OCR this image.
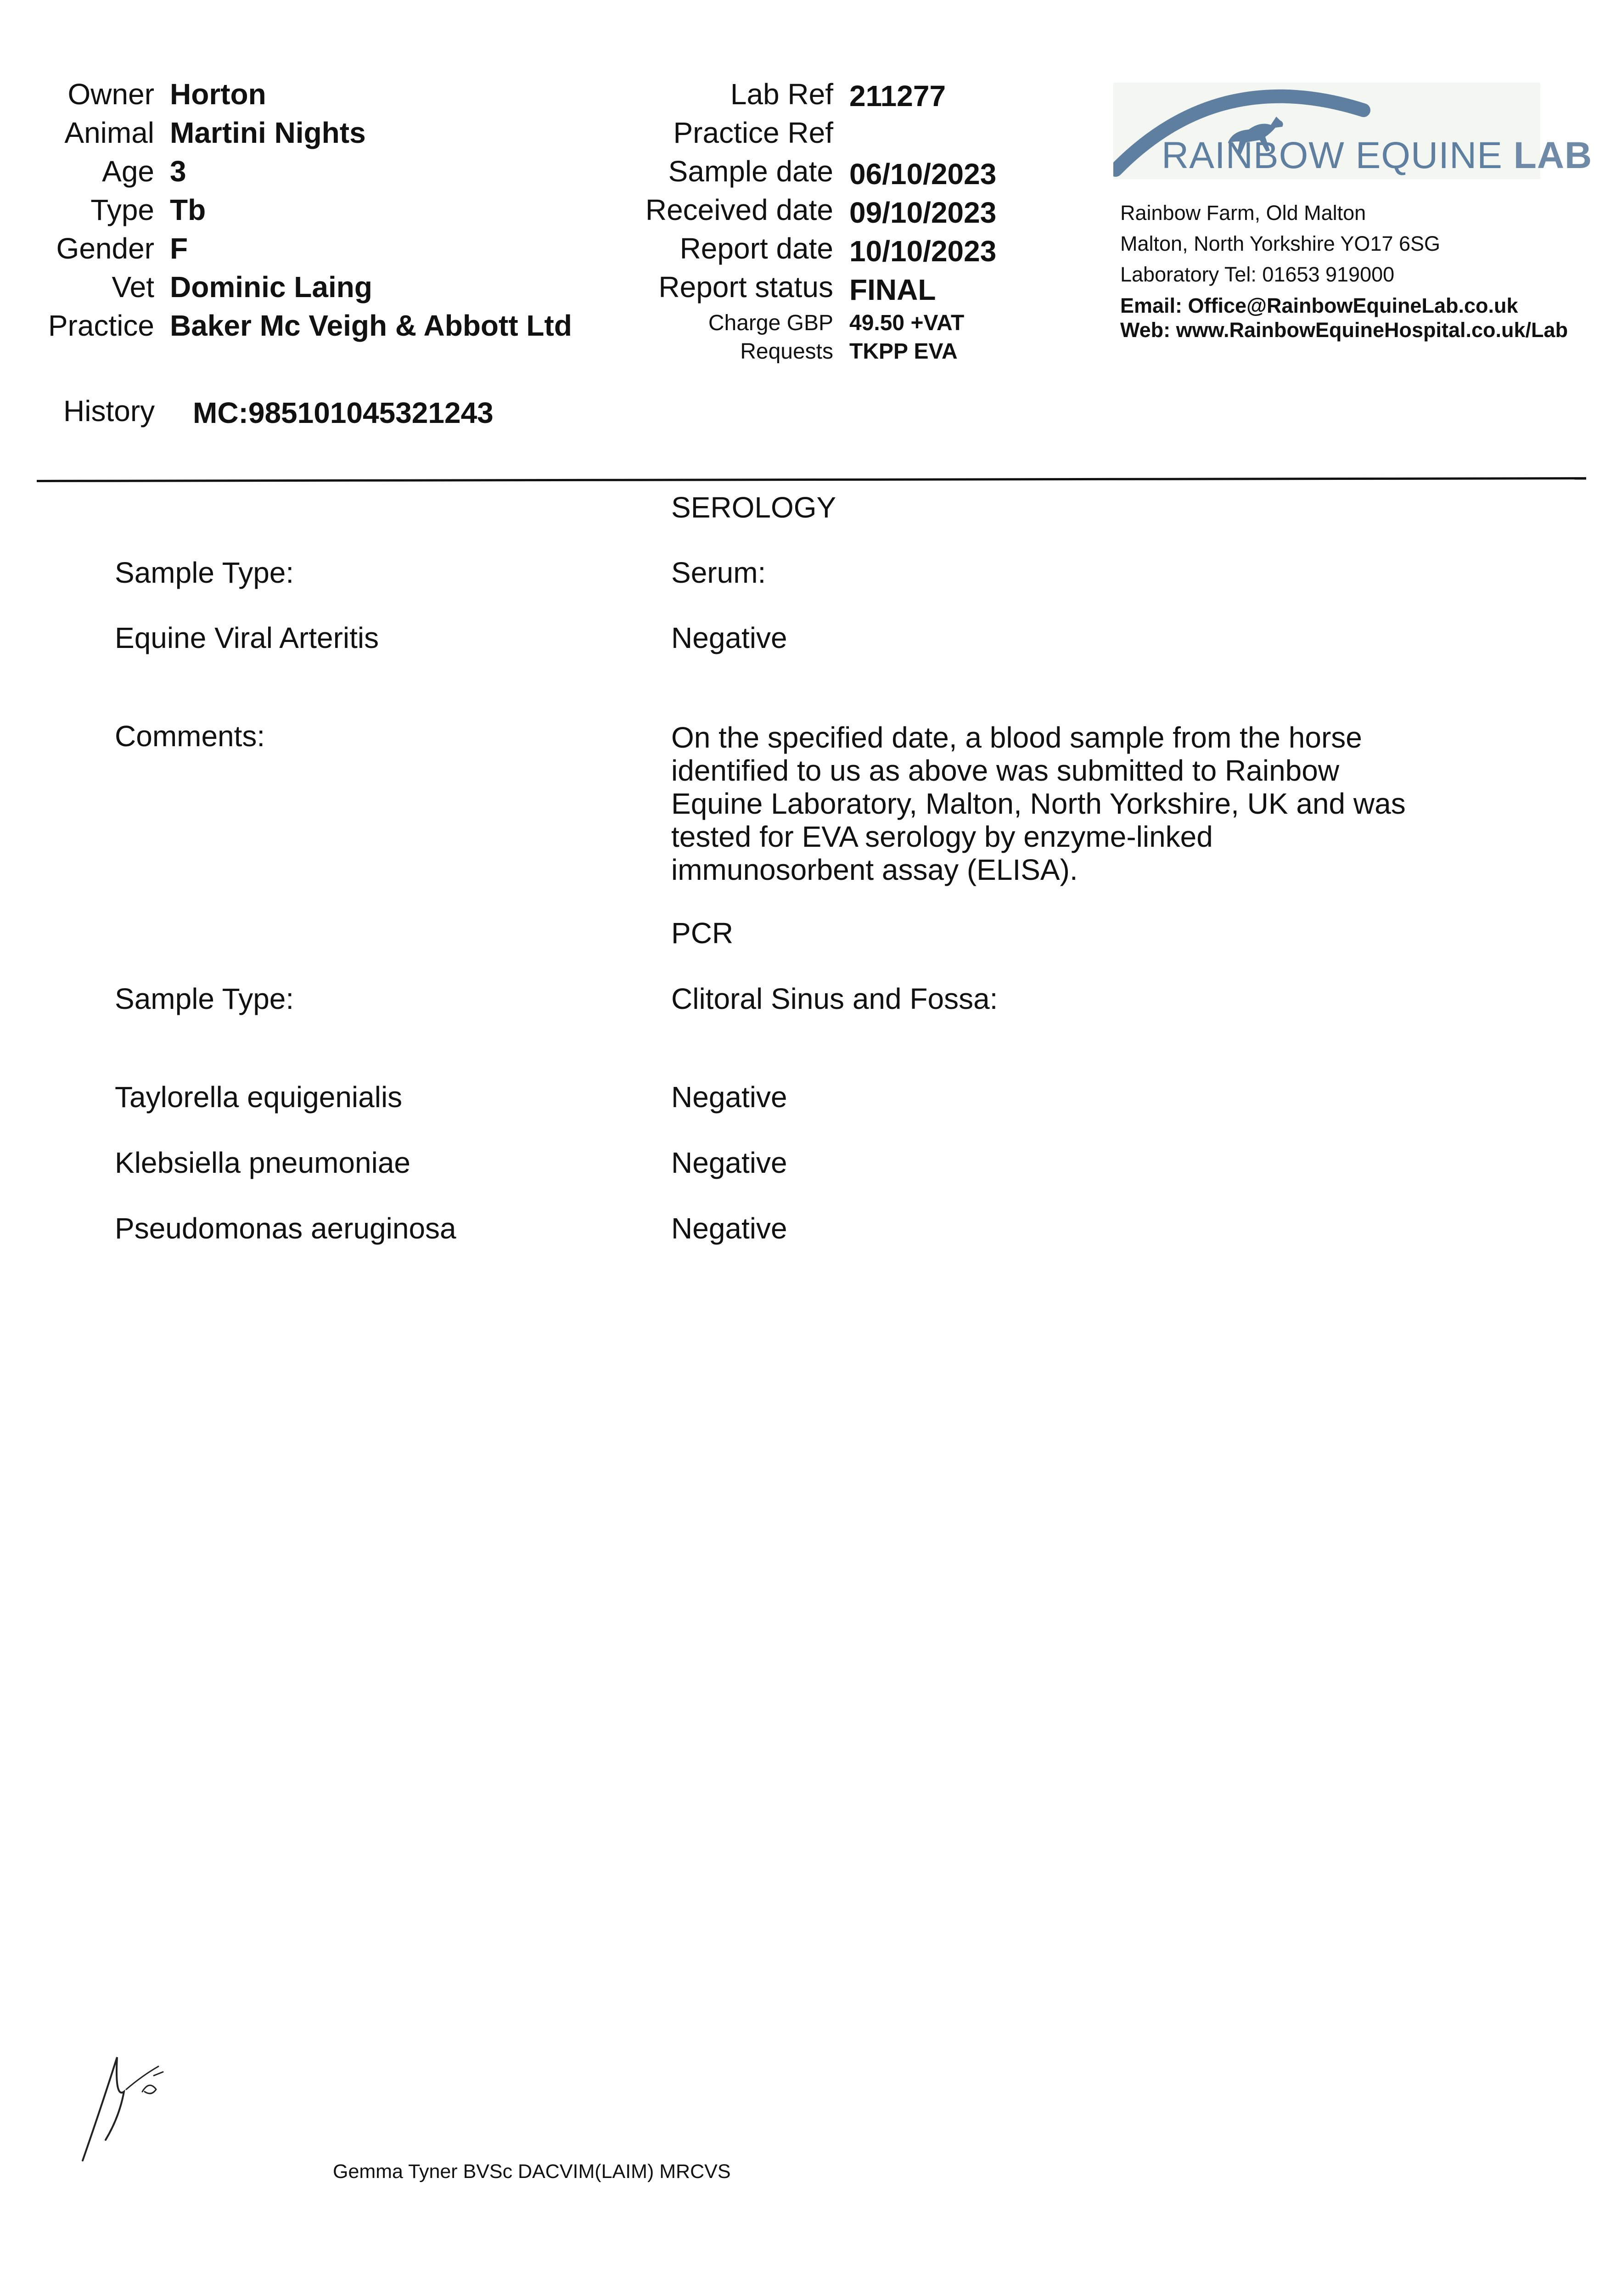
Owner Horton
Animal Martini Nights
Age 3
Type Tb
Gender F
Vet Dominic Laing
Practice Baker Mc Veigh & Abbott Ltd
History MC:985101045321243
Lab Ref 211277
Practice Ref
Sample date 06/10/2023
Received date 09/10/2023
Report date 10/10/2023
Report status FINAL
Charge GBP 49.50 +VAT
Requests TKPP EVA
RAINBOW EQUINE LAB
Rainbow Farm, Old Malton
Malton, North Yorkshire YO17 6SG
Laboratory Tel: 01653 919000
Email: Office@RainbowEquineLab.co.uk
Web: www.RainbowEquineHospital.co.uk/Lab
SEROLOGY
Sample Type:	Serum:
Equine Viral Arteritis	Negative
Comments:	On the specified date, a blood sample from the horse identified to us as above was submitted to Rainbow Equine Laboratory, Malton, North Yorkshire, UK and was tested for EVA serology by enzyme-linked immunosorbent assay (ELISA).
PCR
Sample Type:	Clitoral Sinus and Fossa:
Taylorella equigenialis	Negative
Klebsiella pneumoniae	Negative
Pseudomonas aeruginosa	Negative
Gemma Tyner BVSc DACVIM(LAIM) MRCVS
